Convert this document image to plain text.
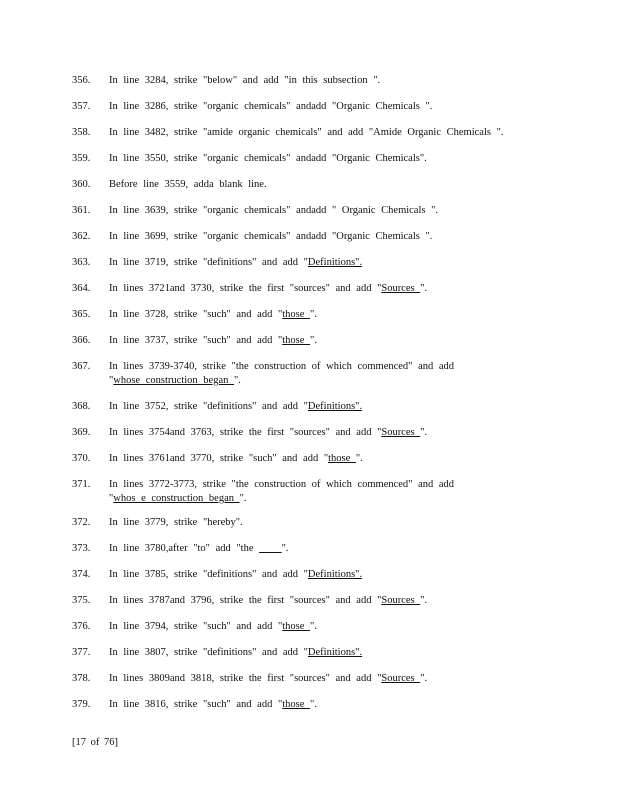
356.	In line 3284, strike "below" and add "in this subsection ".
357.	In line 3286, strike "organic chemicals" andadd "Organic Chemicals ".
358.	In line 3482, strike "amide organic chemicals" and add "Amide Organic Chemicals ".
359.	In line 3550, strike "organic chemicals" andadd "Organic Chemicals".
360.	Before line 3559, adda blank line.
361.	In line 3639, strike "organic chemicals" andadd " Organic Chemicals ".
362.	In line 3699, strike "organic chemicals" andadd "Organic Chemicals ".
363.	In line 3719, strike "definitions" and add "Definitions".
364.	In lines 3721and 3730, strike the first "sources" and add "Sources ".
365.	In line 3728, strike "such" and add "those ".
366.	In line 3737, strike "such" and add "those ".
367.	In lines 3739-3740, strike "the construction of which commenced" and add "whose construction began ".
368.	In line 3752, strike "definitions" and add "Definitions".
369.	In lines 3754and 3763, strike the first "sources" and add "Sources ".
370.	In lines 3761and 3770, strike "such" and add "those ".
371.	In lines 3772-3773, strike "the construction of which commenced" and add "whos e construction began ".
372.	In line 3779, strike "hereby".
373.	In line 3780,after "to" add "the     ".
374.	In line 3785, strike "definitions" and add "Definitions".
375.	In lines 3787and 3796, strike the first "sources" and add "Sources ".
376.	In line 3794, strike "such" and add "those ".
377.	In line 3807, strike "definitions" and add "Definitions".
378.	In lines 3809and 3818, strike the first "sources" and add "Sources ".
379.	In line 3816, strike "such" and add "those ".
[17 of 76]
